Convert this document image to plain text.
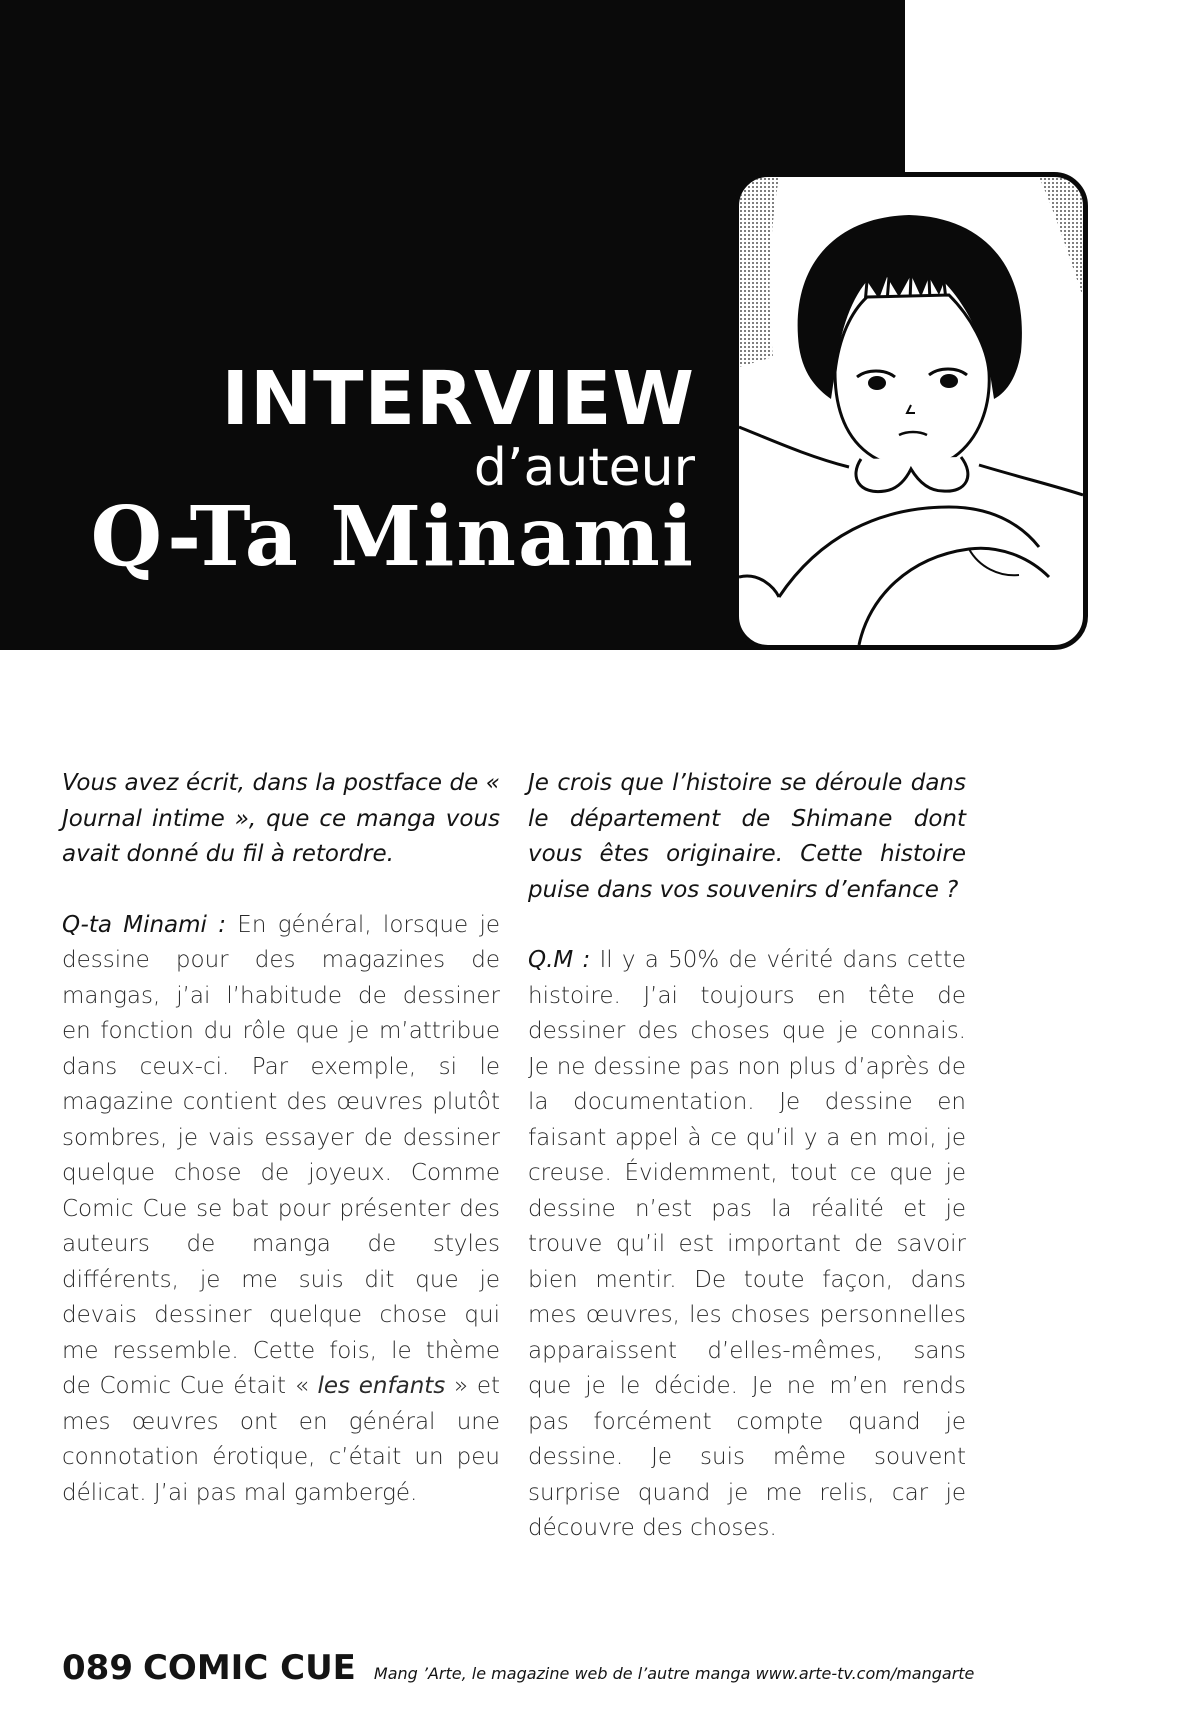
INTERVIEW
d’auteur
Q-Ta Minami

Vous avez écrit, dans la postface de « Journal intime », que ce manga vous avait donné du fil à retordre.

Q-ta Minami : En général, lorsque je dessine pour des magazines de mangas, j’ai l’habitude de dessiner en fonction du rôle que je m’attribue dans ceux-ci. Par exemple, si le magazine contient des œuvres plutôt sombres, je vais essayer de dessiner quelque chose de joyeux. Comme Comic Cue se bat pour présenter des auteurs de manga de styles différents, je me suis dit que je devais dessiner quelque chose qui me ressemble. Cette fois, le thème de Comic Cue était « les enfants » et mes œuvres ont en général une connotation érotique, c’était un peu délicat. J’ai pas mal gambergé.

Je crois que l’histoire se déroule dans le département de Shimane dont vous êtes originaire. Cette histoire puise dans vos souvenirs d’enfance ?

Q.M : Il y a 50% de vérité dans cette histoire. J’ai toujours en tête de dessiner des choses que je connais. Je ne dessine pas non plus d’après de la documentation. Je dessine en faisant appel à ce qu’il y a en moi, je creuse. Évidemment, tout ce que je dessine n’est pas la réalité et je trouve qu’il est important de savoir bien mentir. De toute façon, dans mes œuvres, les choses personnelles apparaissent d’elles-mêmes, sans que je le décide. Je ne m’en rends pas forcément compte quand je dessine. Je suis même souvent surprise quand je me relis, car je découvre des choses.

089 COMIC CUE Mang ’Arte, le magazine web de l’autre manga www.arte-tv.com/mangarte
